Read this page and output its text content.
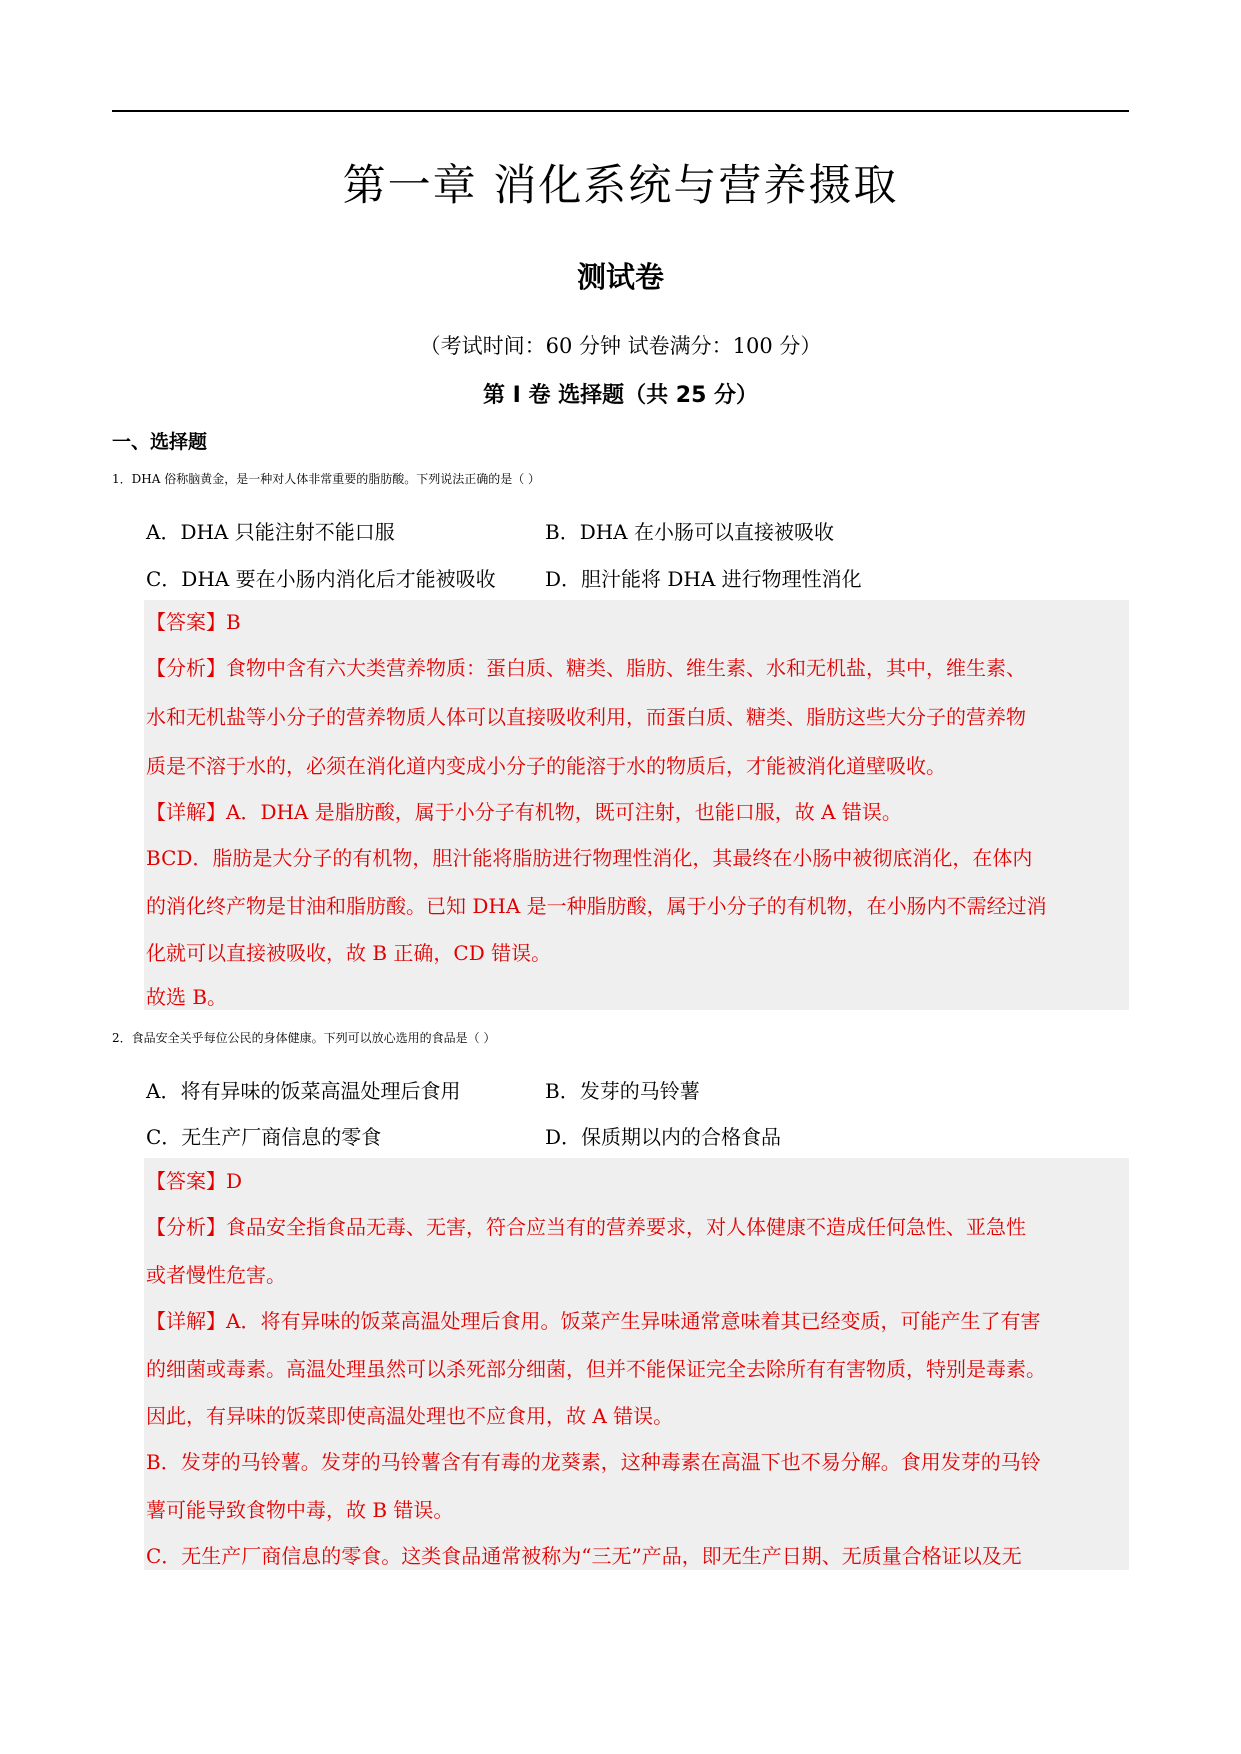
第一章 消化系统与营养摄取
测试卷
（考试时间：60 分钟 试卷满分：100 分）
第 I 卷 选择题（共 25 分）
一、选择题
1．DHA 俗称脑黄金，是一种对人体非常重要的脂肪酸。下列说法正确的是（ ）
A．DHA 只能注射不能口服	B．DHA 在小肠可以直接被吸收
C．DHA 要在小肠内消化后才能被吸收 D．胆汁能将 DHA 进行物理性消化
【答案】B
【分析】食物中含有六大类营养物质：蛋白质、糖类、脂肪、维生素、水和无机盐，其中，维生素、
水和无机盐等小分子的营养物质人体可以直接吸收利用，而蛋白质、糖类、脂肪这些大分子的营养物
质是不溶于水的，必须在消化道内变成小分子的能溶于水的物质后，才能被消化道壁吸收。
【详解】A．DHA 是脂肪酸，属于小分子有机物，既可注射，也能口服，故 A 错误。
BCD．脂肪是大分子的有机物，胆汁能将脂肪进行物理性消化，其最终在小肠中被彻底消化，在体内
的消化终产物是甘油和脂肪酸。已知 DHA 是一种脂肪酸，属于小分子的有机物，在小肠内不需经过消
化就可以直接被吸收，故 B 正确，CD 错误。
故选 B。
2．食品安全关乎每位公民的身体健康。下列可以放心选用的食品是（ ）
A．将有异味的饭菜高温处理后食用	B．发芽的马铃薯
C．无生产厂商信息的零食	D．保质期以内的合格食品
【答案】D
【分析】食品安全指食品无毒、无害，符合应当有的营养要求，对人体健康不造成任何急性、亚急性
或者慢性危害。
【详解】A．将有异味的饭菜高温处理后食用。饭菜产生异味通常意味着其已经变质，可能产生了有害
的细菌或毒素。高温处理虽然可以杀死部分细菌，但并不能保证完全去除所有有害物质，特别是毒素。
因此，有异味的饭菜即使高温处理也不应食用，故 A 错误。
B．发芽的马铃薯。发芽的马铃薯含有有毒的龙葵素，这种毒素在高温下也不易分解。食用发芽的马铃
薯可能导致食物中毒，故 B 错误。
C．无生产厂商信息的零食。这类食品通常被称为“三无”产品，即无生产日期、无质量合格证以及无
